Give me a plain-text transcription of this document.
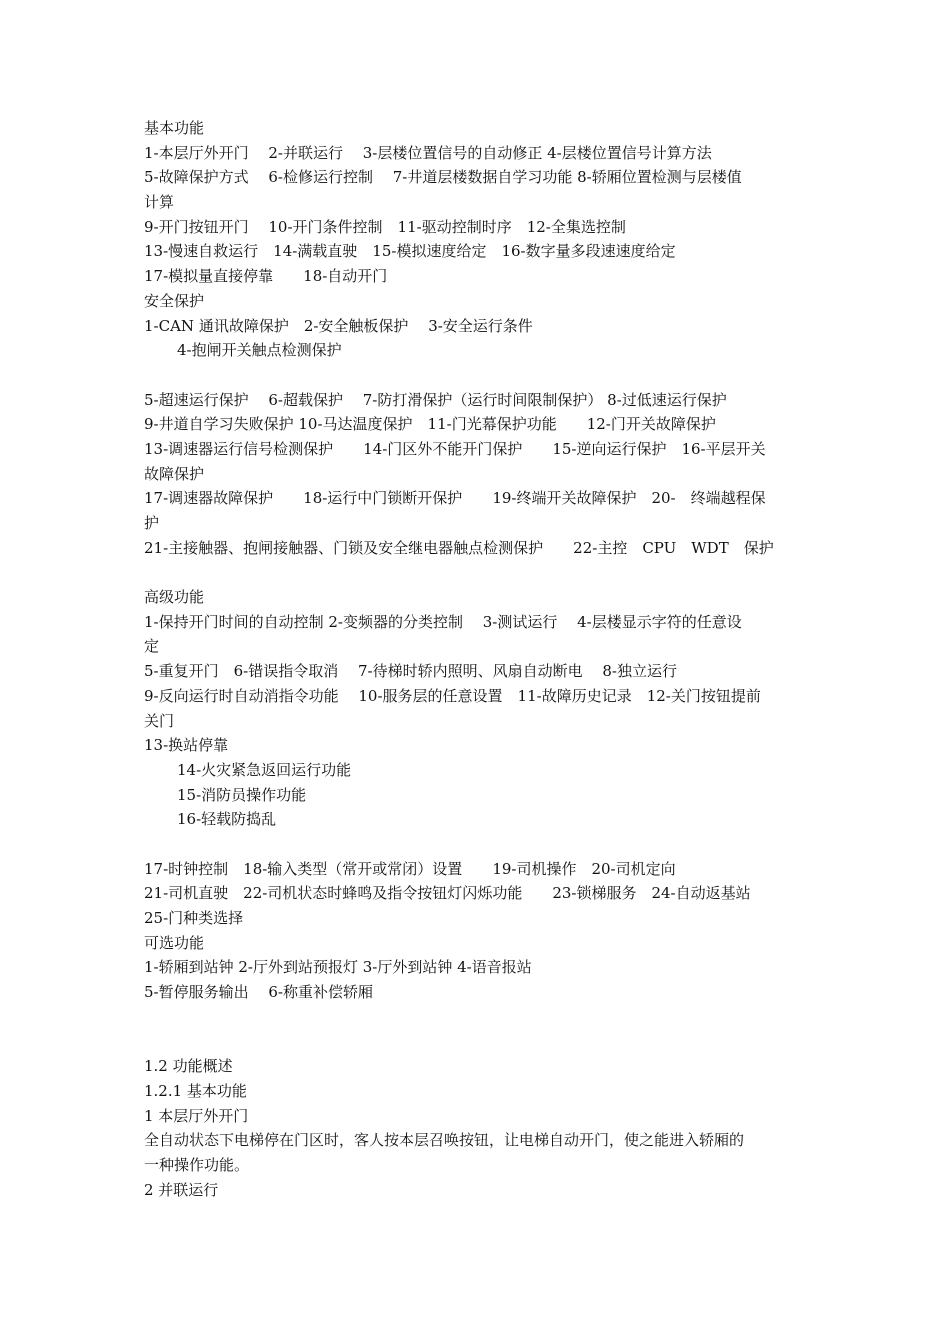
基本功能
1-本层厅外开门　 2-并联运行　 3-层楼位置信号的自动修正 4-层楼位置信号计算方法
5-故障保护方式　 6-检修运行控制　 7-井道层楼数据自学习功能 8-轿厢位置检测与层楼值
计算
9-开门按钮开门　 10-开门条件控制　11-驱动控制时序　12-全集选控制
13-慢速自救运行　14-满载直驶　15-模拟速度给定　16-数字量多段速速度给定
17-模拟量直接停靠　　18-自动开门
安全保护
1-CAN 通讯故障保护　2-安全触板保护　 3-安全运行条件
4-抱闸开关触点检测保护
5-超速运行保护　 6-超载保护　 7-防打滑保护（运行时间限制保护） 8-过低速运行保护
9-井道自学习失败保护 10-马达温度保护　11-门光幕保护功能　　12-门开关故障保护
13-调速器运行信号检测保护　　14-门区外不能开门保护　　15-逆向运行保护　16-平层开关
故障保护
17-调速器故障保护　　18-运行中门锁断开保护　　19-终端开关故障保护　20-　终端越程保
护
21-主接触器、抱闸接触器、门锁及安全继电器触点检测保护　　22-主控　CPU　WDT　保护
高级功能
1-保持开门时间的自动控制 2-变频器的分类控制　 3-测试运行　 4-层楼显示字符的任意设
定
5-重复开门　6-错误指令取消　 7-待梯时轿内照明、风扇自动断电　 8-独立运行
9-反向运行时自动消指令功能　 10-服务层的任意设置　11-故障历史记录　12-关门按钮提前
关门
13-换站停靠
14-火灾紧急返回运行功能
15-消防员操作功能
16-轻载防捣乱
17-时钟控制　18-输入类型（常开或常闭）设置　　19-司机操作　20-司机定向
21-司机直驶　22-司机状态时蜂鸣及指令按钮灯闪烁功能　　23-锁梯服务　24-自动返基站
25-门种类选择
可选功能
1-轿厢到站钟 2-厅外到站预报灯 3-厅外到站钟 4-语音报站
5-暂停服务输出　 6-称重补偿轿厢
1.2 功能概述
1.2.1 基本功能
1 本层厅外开门
全自动状态下电梯停在门区时，客人按本层召唤按钮，让电梯自动开门，使之能进入轿厢的
一种操作功能。
2 并联运行
